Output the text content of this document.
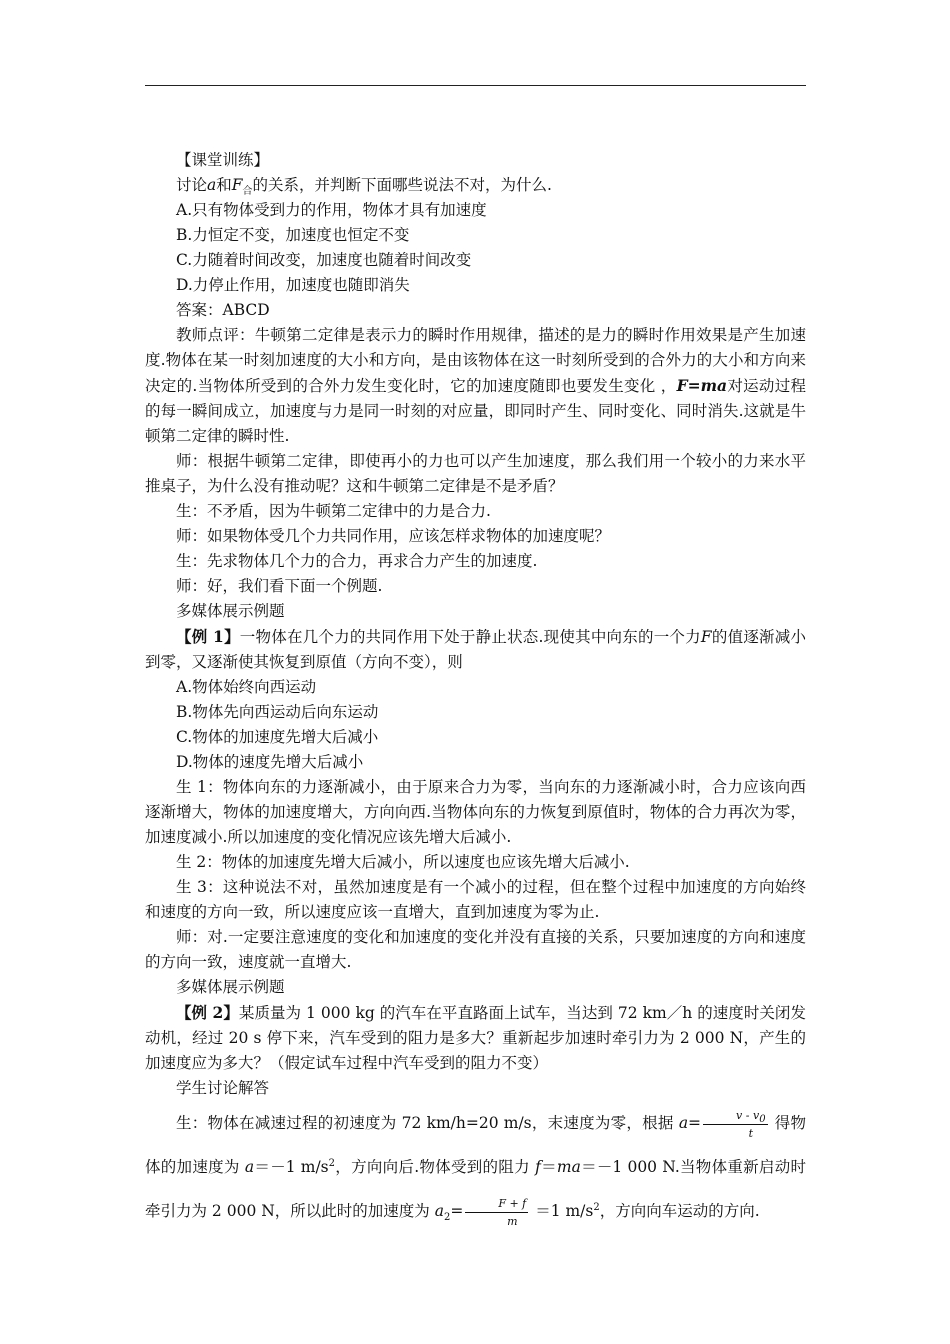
【课堂训练】

讨论a和$F_合$的关系，并判断下面哪些说法不对，为什么.

A.只有物体受到力的作用，物体才具有加速度

B.力恒定不变，加速度也恒定不变

C.力随着时间改变，加速度也随着时间改变

D.力停止作用，加速度也随即消失

答案：ABCD

教师点评：牛顿第二定律是表示力的瞬时作用规律，描述的是力的瞬时作用效果是产生加速度.物体在某一时刻加速度的大小和方向，是由该物体在这一时刻所受到的合外力的大小和方向来决定的.当物体所受到的合外力发生变化时，它的加速度随即也要发生变化 ，F=ma对运动过程的每一瞬间成立，加速度与力是同一时刻的对应量，即同时产生、同时变化、同时消失.这就是牛顿第二定律的瞬时性.

师：根据牛顿第二定律，即使再小的力也可以产生加速度，那么我们用一个较小的力来水平推桌子，为什么没有推动呢？这和牛顿第二定律是不是矛盾？

生：不矛盾，因为牛顿第二定律中的力是合力.

师：如果物体受几个力共同作用，应该怎样求物体的加速度呢？

生：先求物体几个力的合力，再求合力产生的加速度.

师：好，我们看下面一个例题.

多媒体展示例题

【例 1】一物体在几个力的共同作用下处于静止状态.现使其中向东的一个力F的值逐渐减小到零，又逐渐使其恢复到原值（方向不变），则

A.物体始终向西运动

B.物体先向西运动后向东运动

C.物体的加速度先增大后减小

D.物体的速度先增大后减小

生 1：物体向东的力逐渐减小，由于原来合力为零，当向东的力逐渐减小时，合力应该向西逐渐增大，物体的加速度增大，方向向西.当物体向东的力恢复到原值时，物体的合力再次为零，加速度减小.所以加速度的变化情况应该先增大后减小.

生 2：物体的加速度先增大后减小，所以速度也应该先增大后减小.

生 3：这种说法不对，虽然加速度是有一个减小的过程，但在整个过程中加速度的方向始终和速度的方向一致，所以速度应该一直增大，直到加速度为零为止.

师：对.一定要注意速度的变化和加速度的变化并没有直接的关系，只要加速度的方向和速度的方向一致，速度就一直增大.

多媒体展示例题

【例 2】某质量为 1 000 kg 的汽车在平直路面上试车，当达到 72 km／h 的速度时关闭发动机，经过 20 s 停下来，汽车受到的阻力是多大？重新起步加速时牵引力为 2 000 N，产生的加速度应为多大？（假定试车过程中汽车受到的阻力不变）

学生讨论解答

生：物体在减速过程的初速度为 72 km/h=20 m/s，末速度为零，根据 $a= \frac{v - v_0}{t}$ 得物体的加速度为 a＝－1 $m/s^2$，方向向后.物体受到的阻力 f＝ma＝－1 000 N.当物体重新启动时牵引力为 2 000 N，所以此时的加速度为 $a_2= \frac{F + f}{m} =1$ $m/s^2$，方向向车运动的方向.
